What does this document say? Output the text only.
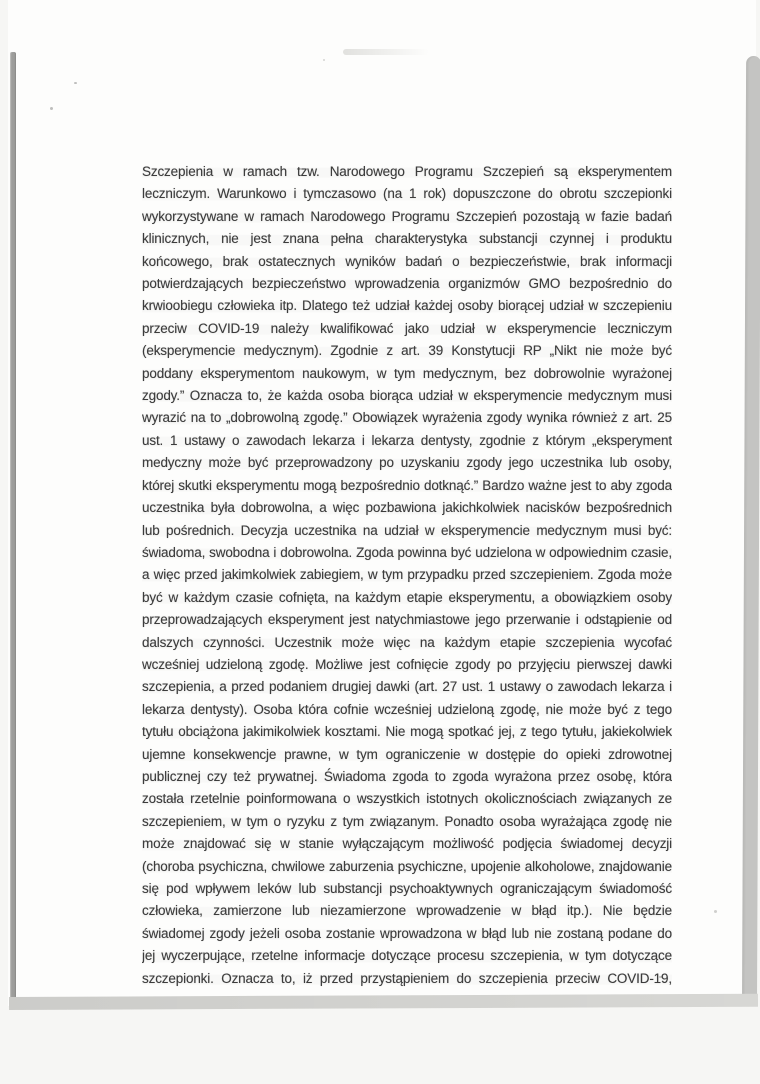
Szczepienia w ramach tzw. Narodowego Programu Szczepień są eksperymentem
leczniczym. Warunkowo i tymczasowo (na 1 rok) dopuszczone do obrotu szczepionki
wykorzystywane w ramach Narodowego Programu Szczepień pozostają w fazie badań
klinicznych, nie jest znana pełna charakterystyka substancji czynnej i produktu
końcowego, brak ostatecznych wyników badań o bezpieczeństwie, brak informacji
potwierdzających bezpieczeństwo wprowadzenia organizmów GMO bezpośrednio do
krwioobiegu człowieka itp. Dlatego też udział każdej osoby biorącej udział w szczepieniu
przeciw COVID-19 należy kwalifikować jako udział w eksperymencie leczniczym
(eksperymencie medycznym). Zgodnie z art. 39 Konstytucji RP „Nikt nie może być
poddany eksperymentom naukowym, w tym medycznym, bez dobrowolnie wyrażonej
zgody.” Oznacza to, że każda osoba biorąca udział w eksperymencie medycznym musi
wyrazić na to „dobrowolną zgodę.” Obowiązek wyrażenia zgody wynika również z art. 25
ust. 1 ustawy o zawodach lekarza i lekarza dentysty, zgodnie z którym „eksperyment
medyczny może być przeprowadzony po uzyskaniu zgody jego uczestnika lub osoby,
której skutki eksperymentu mogą bezpośrednio dotknąć.” Bardzo ważne jest to aby zgoda
uczestnika była dobrowolna, a więc pozbawiona jakichkolwiek nacisków bezpośrednich
lub pośrednich. Decyzja uczestnika na udział w eksperymencie medycznym musi być:
świadoma, swobodna i dobrowolna. Zgoda powinna być udzielona w odpowiednim czasie,
a więc przed jakimkolwiek zabiegiem, w tym przypadku przed szczepieniem. Zgoda może
być w każdym czasie cofnięta, na każdym etapie eksperymentu, a obowiązkiem osoby
przeprowadzających eksperyment jest natychmiastowe jego przerwanie i odstąpienie od
dalszych czynności. Uczestnik może więc na każdym etapie szczepienia wycofać
wcześniej udzieloną zgodę. Możliwe jest cofnięcie zgody po przyjęciu pierwszej dawki
szczepienia, a przed podaniem drugiej dawki (art. 27 ust. 1 ustawy o zawodach lekarza i
lekarza dentysty). Osoba która cofnie wcześniej udzieloną zgodę, nie może być z tego
tytułu obciążona jakimikolwiek kosztami. Nie mogą spotkać jej, z tego tytułu, jakiekolwiek
ujemne konsekwencje prawne, w tym ograniczenie w dostępie do opieki zdrowotnej
publicznej czy też prywatnej. Świadoma zgoda to zgoda wyrażona przez osobę, która
została rzetelnie poinformowana o wszystkich istotnych okolicznościach związanych ze
szczepieniem, w tym o ryzyku z tym związanym. Ponadto osoba wyrażająca zgodę nie
może znajdować się w stanie wyłączającym możliwość podjęcia świadomej decyzji
(choroba psychiczna, chwilowe zaburzenia psychiczne, upojenie alkoholowe, znajdowanie
się pod wpływem leków lub substancji psychoaktywnych ograniczającym świadomość
człowieka, zamierzone lub niezamierzone wprowadzenie w błąd itp.). Nie będzie
świadomej zgody jeżeli osoba zostanie wprowadzona w błąd lub nie zostaną podane do
jej wyczerpujące, rzetelne informacje dotyczące procesu szczepienia, w tym dotyczące
szczepionki. Oznacza to, iż przed przystąpieniem do szczepienia przeciw COVID-19,
